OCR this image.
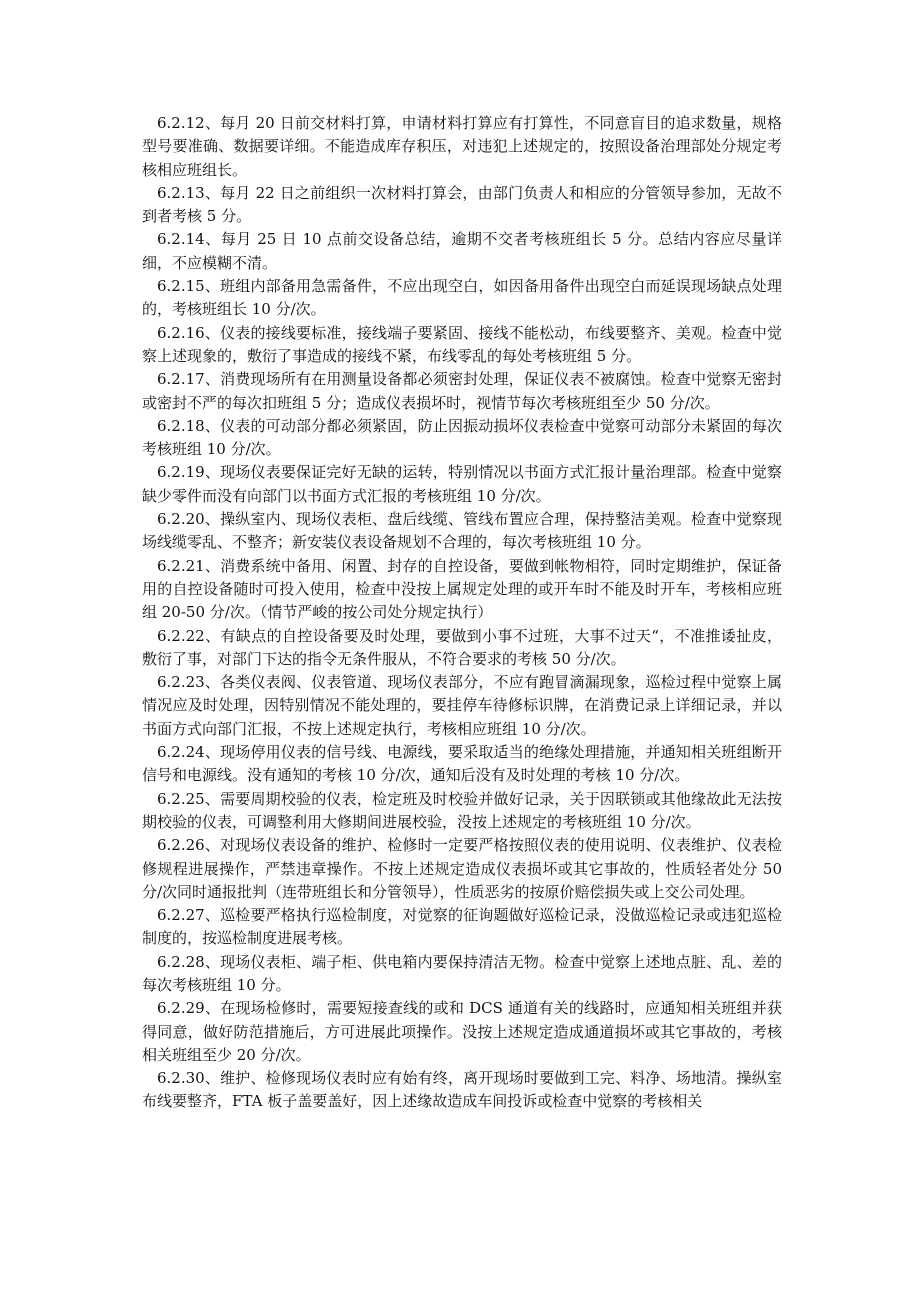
6.2.12、每月 20 日前交材料打算，申请材料打算应有打算性，不同意盲目的追求数量，规格型号要准确、数据要详细。不能造成库存积压，对违犯上述规定的，按照设备治理部处分规定考核相应班组长。

6.2.13、每月 22 日之前组织一次材料打算会，由部门负责人和相应的分管领导参加，无故不到者考核 5 分。

6.2.14、每月 25 日 10 点前交设备总结，逾期不交者考核班组长 5 分。总结内容应尽量详细，不应模糊不清。

6.2.15、班组内部备用急需备件，不应出现空白，如因备用备件出现空白而延误现场缺点处理的，考核班组长 10 分/次。

6.2.16、仪表的接线要标准，接线端子要紧固、接线不能松动，布线要整齐、美观。检查中觉察上述现象的，敷衍了事造成的接线不紧，布线零乱的每处考核班组 5 分。

6.2.17、消费现场所有在用测量设备都必须密封处理，保证仪表不被腐蚀。检查中觉察无密封或密封不严的每次扣班组 5 分；造成仪表损坏时，视情节每次考核班组至少 50 分/次。

6.2.18、仪表的可动部分都必须紧固，防止因振动损坏仪表检查中觉察可动部分未紧固的每次考核班组 10 分/次。

6.2.19、现场仪表要保证完好无缺的运转，特别情况以书面方式汇报计量治理部。检查中觉察缺少零件而没有向部门以书面方式汇报的考核班组 10 分/次。

6.2.20、操纵室内、现场仪表柜、盘后线缆、管线布置应合理，保持整洁美观。检查中觉察现场线缆零乱、不整齐；新安装仪表设备规划不合理的，每次考核班组 10 分。

6.2.21、消费系统中备用、闲置、封存的自控设备，要做到帐物相符，同时定期维护，保证备用的自控设备随时可投入使用，检查中没按上属规定处理的或开车时不能及时开车，考核相应班组 20-50 分/次。（情节严峻的按公司处分规定执行）

6.2.22、有缺点的自控设备要及时处理，要做到小事不过班，大事不过天“，不准推诿扯皮，敷衍了事，对部门下达的指令无条件服从，不符合要求的考核 50 分/次。

6.2.23、各类仪表阀、仪表管道、现场仪表部分，不应有跑冒滴漏现象，巡检过程中觉察上属情况应及时处理，因特别情况不能处理的，要挂停车待修标识牌，在消费记录上详细记录，并以书面方式向部门汇报，不按上述规定执行，考核相应班组 10 分/次。

6.2.24、现场停用仪表的信号线、电源线，要采取适当的绝缘处理措施，并通知相关班组断开信号和电源线。没有通知的考核 10 分/次，通知后没有及时处理的考核 10 分/次。

6.2.25、需要周期校验的仪表，检定班及时校验并做好记录，关于因联锁或其他缘故此无法按期校验的仪表，可调整利用大修期间进展校验，没按上述规定的考核班组 10 分/次。

6.2.26、对现场仪表设备的维护、检修时一定要严格按照仪表的使用说明、仪表维护、仪表检修规程进展操作，严禁违章操作。不按上述规定造成仪表损坏或其它事故的，性质轻者处分 50 分/次同时通报批判（连带班组长和分管领导），性质恶劣的按原价赔偿损失或上交公司处理。

6.2.27、巡检要严格执行巡检制度，对觉察的征询题做好巡检记录，没做巡检记录或违犯巡检制度的，按巡检制度进展考核。

6.2.28、现场仪表柜、端子柜、供电箱内要保持清洁无物。检查中觉察上述地点脏、乱、差的每次考核班组 10 分。

6.2.29、在现场检修时，需要短接查线的或和 DCS 通道有关的线路时，应通知相关班组并获得同意，做好防范措施后，方可进展此项操作。没按上述规定造成通道损坏或其它事故的，考核相关班组至少 20 分/次。

6.2.30、维护、检修现场仪表时应有始有终，离开现场时要做到工完、料净、场地清。操纵室布线要整齐，FTA 板子盖要盖好，因上述缘故造成车间投诉或检查中觉察的考核相关
